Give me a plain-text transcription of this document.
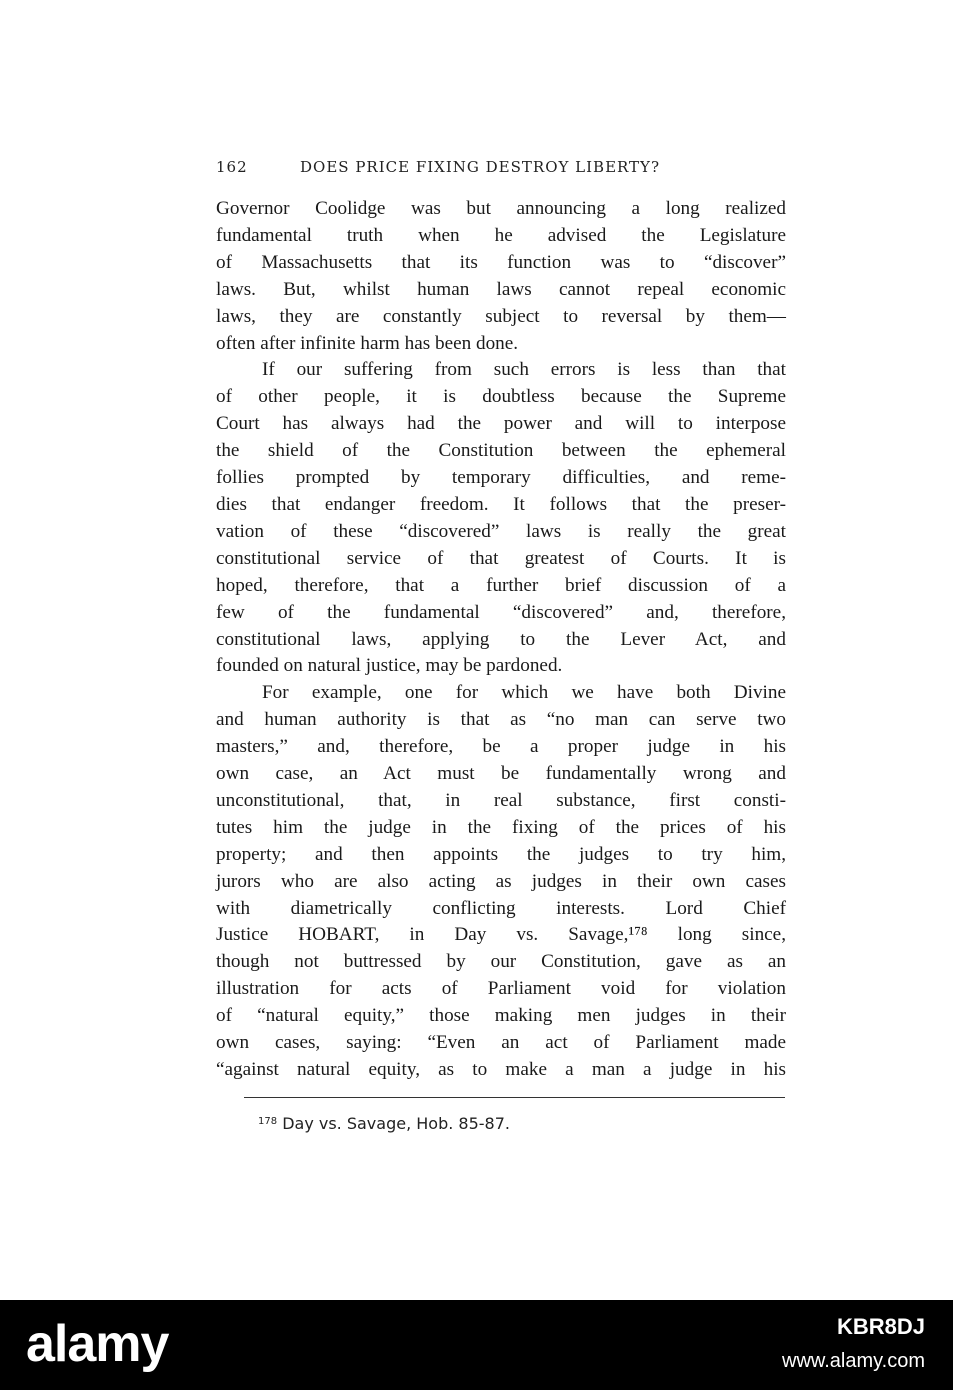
162	DOES PRICE FIXING DESTROY LIBERTY?

Governor Coolidge was but announcing a long realized
fundamental truth when he advised the Legislature
of Massachusetts that its function was to “discover”
laws. But, whilst human laws cannot repeal economic
laws, they are constantly subject to reversal by them—
often after infinite harm has been done.

If our suffering from such errors is less than that
of other people, it is doubtless because the Supreme
Court has always had the power and will to interpose
the shield of the Constitution between the ephemeral
follies prompted by temporary difficulties, and reme-
dies that endanger freedom. It follows that the preser-
vation of these “discovered” laws is really the great
constitutional service of that greatest of Courts. It is
hoped, therefore, that a further brief discussion of a
few of the fundamental “discovered” and, therefore,
constitutional laws, applying to the Lever Act, and
founded on natural justice, may be pardoned.

For example, one for which we have both Divine
and human authority is that as “no man can serve two
masters,” and, therefore, be a proper judge in his
own case, an Act must be fundamentally wrong and
unconstitutional, that, in real substance, first consti-
tutes him the judge in the fixing of the prices of his
property; and then appoints the judges to try him,
jurors who are also acting as judges in their own cases
with diametrically conflicting interests. Lord Chief
Justice HOBART, in Day vs. Savage,¹⁷⁸ long since,
though not buttressed by our Constitution, gave as an
illustration for acts of Parliament void for violation
of “natural equity,” those making men judges in their
own cases, saying: “Even an act of Parliament made
“against natural equity, as to make a man a judge in his

$^{178}$ Day vs. Savage, Hob. 85-87.
alamy	KBR8DJ
www.alamy.com
